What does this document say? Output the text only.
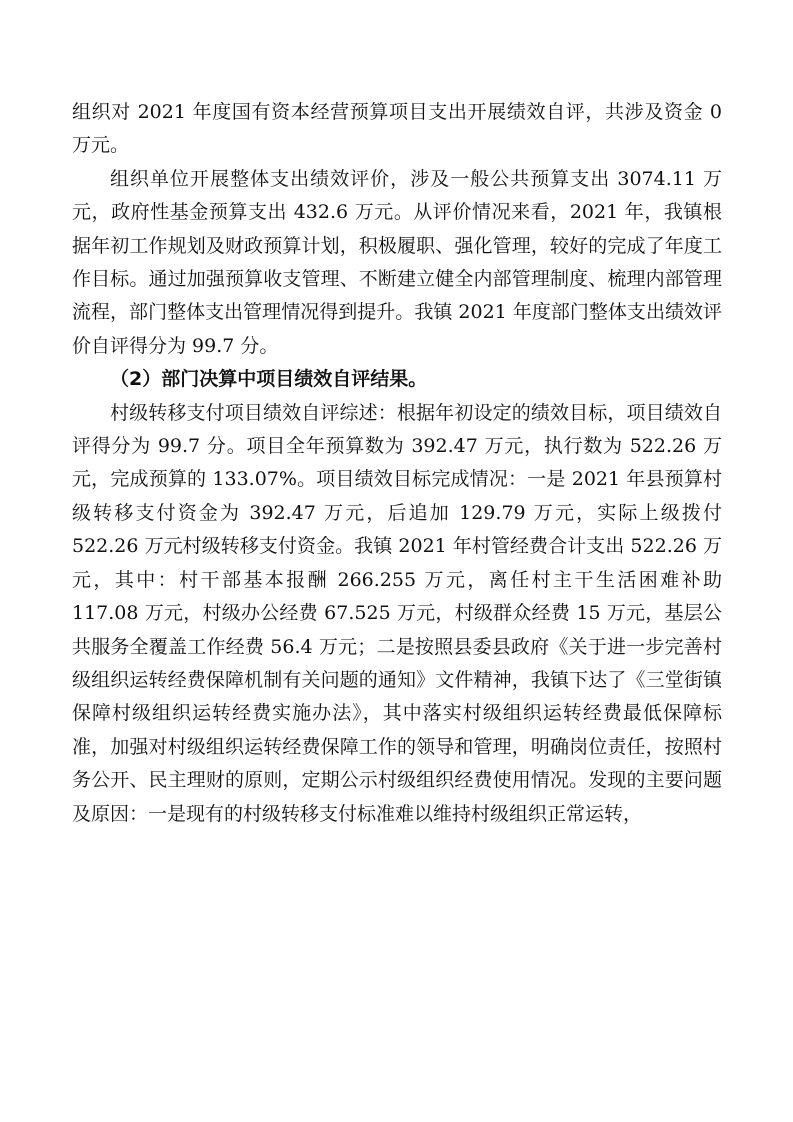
组织对 2021 年度国有资本经营预算项目支出开展绩效自评，共涉及资金 0 万元。

组织单位开展整体支出绩效评价，涉及一般公共预算支出 3074.11 万元，政府性基金预算支出 432.6 万元。从评价情况来看，2021 年，我镇根据年初工作规划及财政预算计划，积极履职、强化管理，较好的完成了年度工作目标。通过加强预算收支管理、不断建立健全内部管理制度、梳理内部管理流程，部门整体支出管理情况得到提升。我镇 2021 年度部门整体支出绩效评价自评得分为 99.7 分。

（2）部门决算中项目绩效自评结果。

村级转移支付项目绩效自评综述：根据年初设定的绩效目标，项目绩效自评得分为 99.7 分。项目全年预算数为 392.47 万元，执行数为 522.26 万元，完成预算的 133.07%。项目绩效目标完成情况：一是 2021 年县预算村级转移支付资金为 392.47 万元，后追加 129.79 万元，实际上级拨付 522.26 万元村级转移支付资金。我镇 2021 年村管经费合计支出 522.26 万元，其中：村干部基本报酬 266.255 万元，离任村主干生活困难补助 117.08 万元，村级办公经费 67.525 万元，村级群众经费 15 万元，基层公共服务全覆盖工作经费 56.4 万元；二是按照县委县政府《关于进一步完善村级组织运转经费保障机制有关问题的通知》文件精神，我镇下达了《三堂街镇保障村级组织运转经费实施办法》，其中落实村级组织运转经费最低保障标准，加强对村级组织运转经费保障工作的领导和管理，明确岗位责任，按照村务公开、民主理财的原则，定期公示村级组织经费使用情况。发现的主要问题及原因：一是现有的村级转移支付标准难以维持村级组织正常运转，
